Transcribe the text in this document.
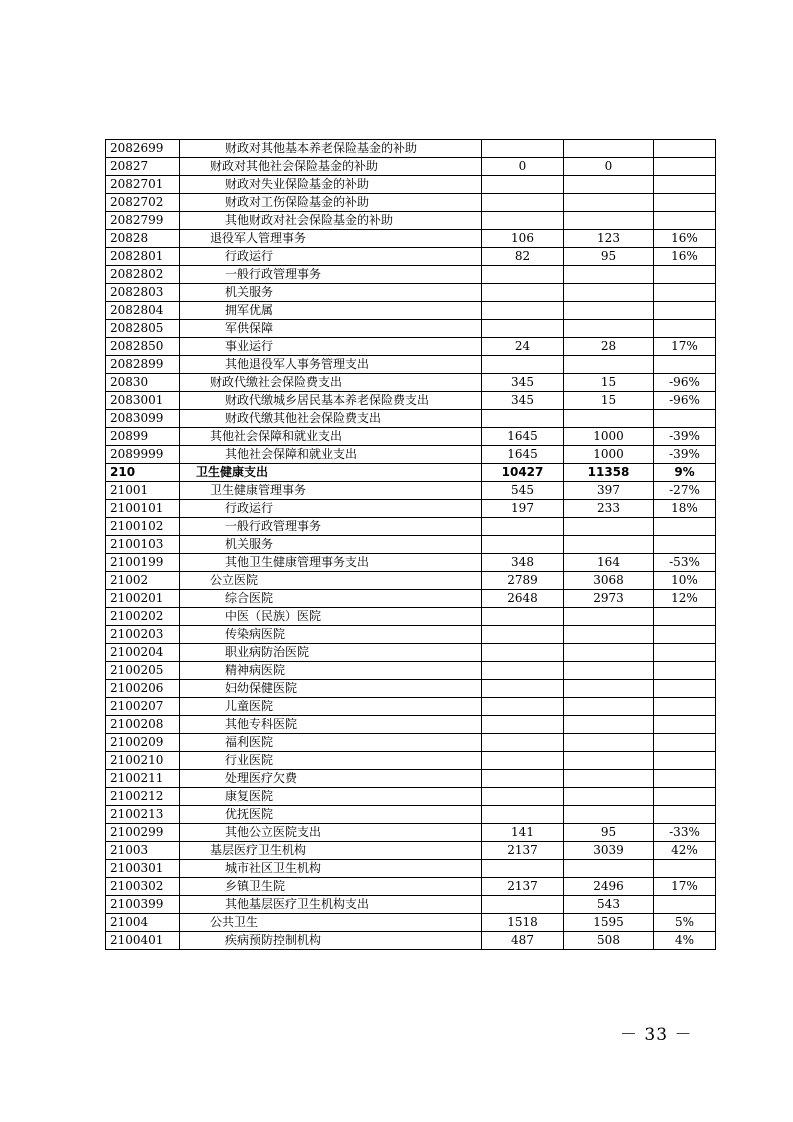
2082699	财政对其他基本养老保险基金的补助			
20827	财政对其他社会保险基金的补助	0	0	
2082701	财政对失业保险基金的补助			
2082702	财政对工伤保险基金的补助			
2082799	其他财政对社会保险基金的补助			
20828	退役军人管理事务	106	123	16%
2082801	行政运行	82	95	16%
2082802	一般行政管理事务			
2082803	机关服务			
2082804	拥军优属			
2082805	军供保障			
2082850	事业运行	24	28	17%
2082899	其他退役军人事务管理支出			
20830	财政代缴社会保险费支出	345	15	-96%
2083001	财政代缴城乡居民基本养老保险费支出	345	15	-96%
2083099	财政代缴其他社会保险费支出			
20899	其他社会保障和就业支出	1645	1000	-39%
2089999	其他社会保障和就业支出	1645	1000	-39%
210	卫生健康支出	10427	11358	9%
21001	卫生健康管理事务	545	397	-27%
2100101	行政运行	197	233	18%
2100102	一般行政管理事务			
2100103	机关服务			
2100199	其他卫生健康管理事务支出	348	164	-53%
21002	公立医院	2789	3068	10%
2100201	综合医院	2648	2973	12%
2100202	中医（民族）医院			
2100203	传染病医院			
2100204	职业病防治医院			
2100205	精神病医院			
2100206	妇幼保健医院			
2100207	儿童医院			
2100208	其他专科医院			
2100209	福利医院			
2100210	行业医院			
2100211	处理医疗欠费			
2100212	康复医院			
2100213	优抚医院			
2100299	其他公立医院支出	141	95	-33%
21003	基层医疗卫生机构	2137	3039	42%
2100301	城市社区卫生机构			
2100302	乡镇卫生院	2137	2496	17%
2100399	其他基层医疗卫生机构支出		543	
21004	公共卫生	1518	1595	5%
2100401	疾病预防控制机构	487	508	4%
－ 33 －
